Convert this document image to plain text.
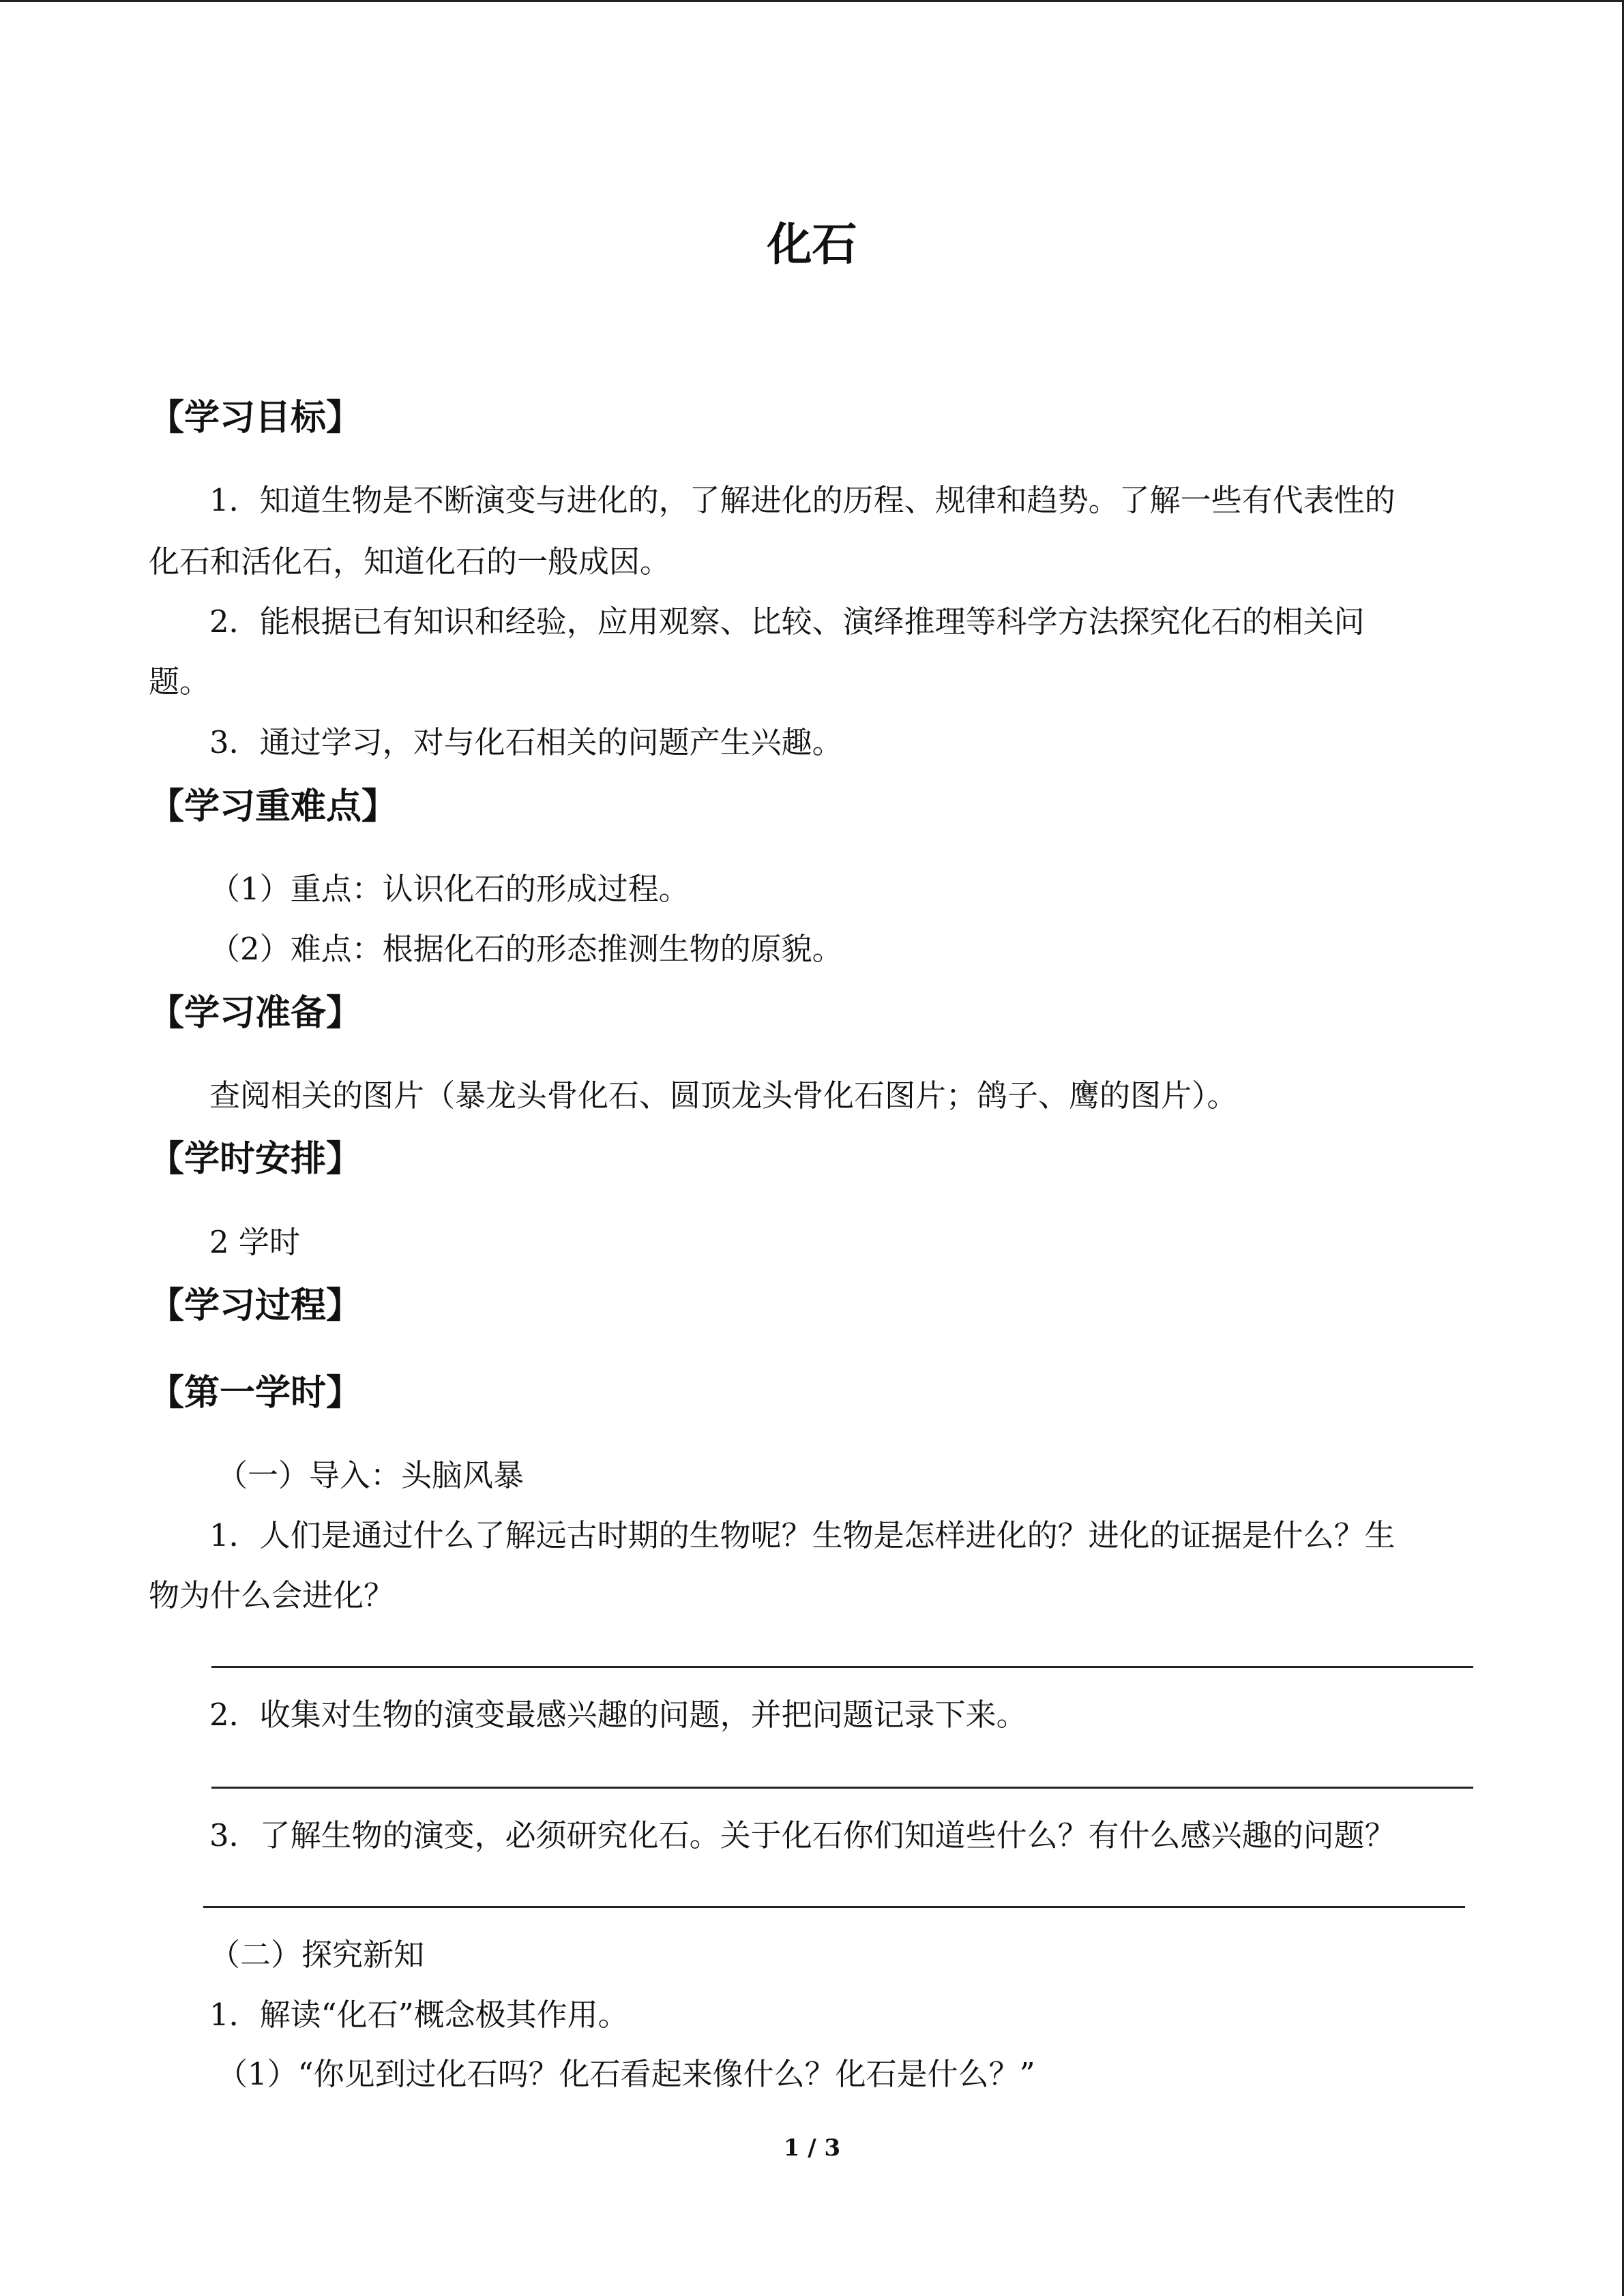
化石
【学习目标】
1．知道生物是不断演变与进化的，了解进化的历程、规律和趋势。了解一些有代表性的
化石和活化石，知道化石的一般成因。
2．能根据已有知识和经验，应用观察、比较、演绎推理等科学方法探究化石的相关问
题。
3．通过学习，对与化石相关的问题产生兴趣。
【学习重难点】
（1）重点：认识化石的形成过程。
（2）难点：根据化石的形态推测生物的原貌。
【学习准备】
查阅相关的图片（暴龙头骨化石、圆顶龙头骨化石图片；鸽子、鹰的图片）。
【学时安排】
2 学时
【学习过程】
【第一学时】
（一）导入：头脑风暴
1．人们是通过什么了解远古时期的生物呢？生物是怎样进化的？进化的证据是什么？生
物为什么会进化？
2．收集对生物的演变最感兴趣的问题，并把问题记录下来。
3．了解生物的演变，必须研究化石。关于化石你们知道些什么？有什么感兴趣的问题？
（二）探究新知
1．解读“化石”概念极其作用。
（1）“你见到过化石吗？化石看起来像什么？化石是什么？”
1 / 3
